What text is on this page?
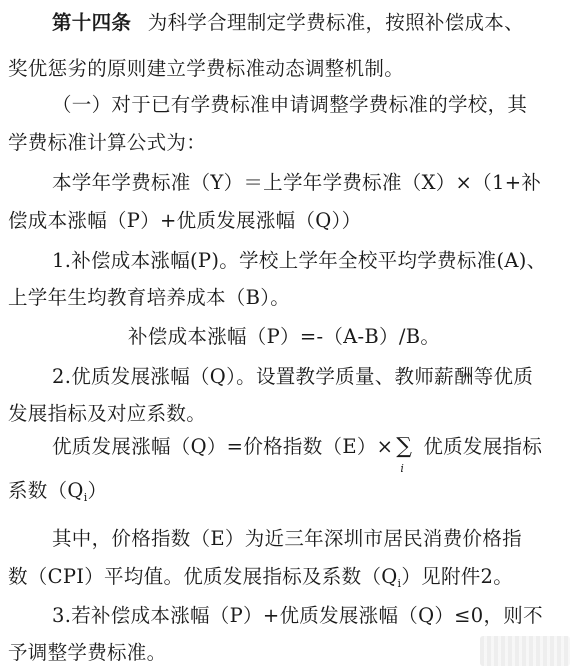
第十四条 为科学合理制定学费标准，按照补偿成本、
奖优惩劣的原则建立学费标准动态调整机制。
（一）对于已有学费标准申请调整学费标准的学校，其
学费标准计算公式为：
本学年学费标准（Y）＝上学年学费标准（X）×（1+补
偿成本涨幅（P）+优质发展涨幅（Q））
1.补偿成本涨幅(P)。学校上学年全校平均学费标准(A)、
上学年生均教育培养成本（B）。
补偿成本涨幅（P）=-（A-B）/B。
2.优质发展涨幅（Q）。设置教学质量、教师薪酬等优质
发展指标及对应系数。
优质发展涨幅（Q）=价格指数（E）× ∑
i
优质发展指标
系数$(Q_i)$
其中，价格指数（E）为近三年深圳市居民消费价格指
数（CPI）平均值。优质发展指标及系数$(Q_i)$见附件2。
3.若补偿成本涨幅（P）+优质发展涨幅（Q）≤0，则不
予调整学费标准。
